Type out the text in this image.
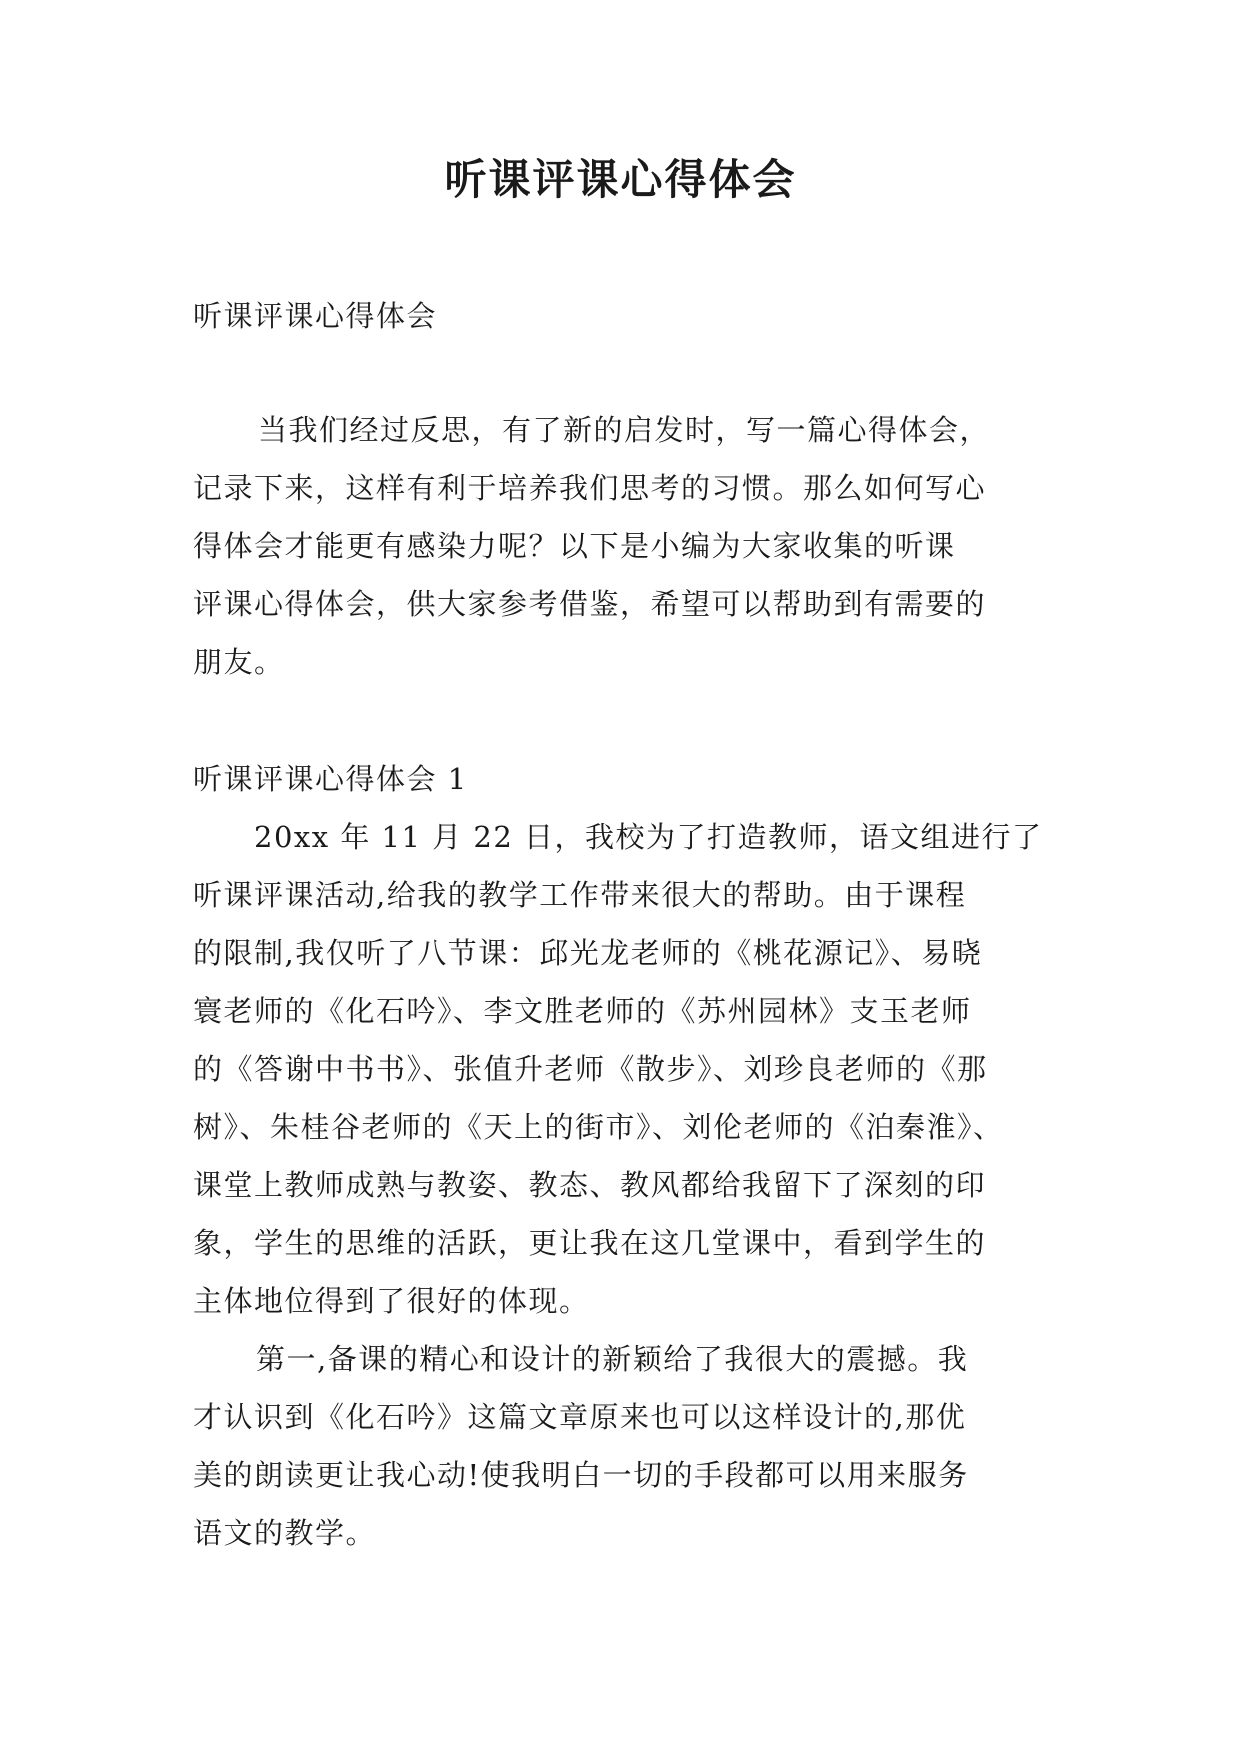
听课评课心得体会
听课评课心得体会
当我们经过反思，有了新的启发时，写一篇心得体会，
记录下来，这样有利于培养我们思考的习惯。那么如何写心
得体会才能更有感染力呢？以下是小编为大家收集的听课
评课心得体会，供大家参考借鉴，希望可以帮助到有需要的
朋友。
听课评课心得体会 1
20xx 年 11 月 22 日，我校为了打造教师，语文组进行了
听课评课活动,给我的教学工作带来很大的帮助。由于课程
的限制,我仅听了八节课：邱光龙老师的《桃花源记》、易晓
寰老师的《化石吟》、李文胜老师的《苏州园林》支玉老师
的《答谢中书书》、张值升老师《散步》、刘珍良老师的《那
树》、朱桂谷老师的《天上的街市》、刘伦老师的《泊秦淮》、
课堂上教师成熟与教姿、教态、教风都给我留下了深刻的印
象，学生的思维的活跃，更让我在这几堂课中，看到学生的
主体地位得到了很好的体现。
第一,备课的精心和设计的新颖给了我很大的震撼。我
才认识到《化石吟》这篇文章原来也可以这样设计的,那优
美的朗读更让我心动!使我明白一切的手段都可以用来服务
语文的教学。
